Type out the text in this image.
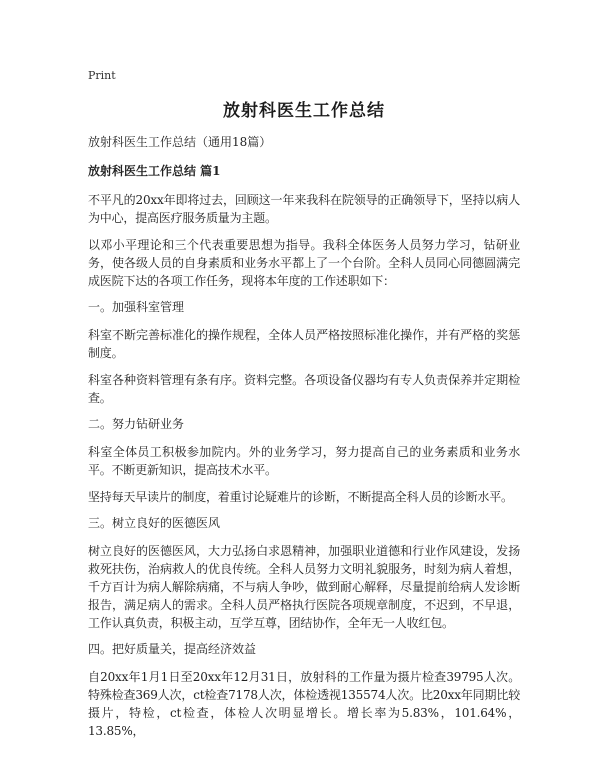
Print
放射科医生工作总结
放射科医生工作总结（通用18篇）
放射科医生工作总结 篇1
不平凡的20xx年即将过去，回顾这一年来我科在院领导的正确领导下，坚持以病人为中心，提高医疗服务质量为主题。
以邓小平理论和三个代表重要思想为指导。我科全体医务人员努力学习，钻研业务，使各级人员的自身素质和业务水平都上了一个台阶。全科人员同心同德圆满完成医院下达的各项工作任务，现将本年度的工作述职如下：
一。加强科室管理
科室不断完善标准化的操作规程，全体人员严格按照标准化操作，并有严格的奖惩制度。
科室各种资料管理有条有序。资料完整。各项设备仪器均有专人负责保养并定期检查。
二。努力钻研业务
科室全体员工积极参加院内。外的业务学习，努力提高自己的业务素质和业务水平。不断更新知识，提高技术水平。
坚持每天早读片的制度，着重讨论疑难片的诊断，不断提高全科人员的诊断水平。
三。树立良好的医德医风
树立良好的医德医风，大力弘扬白求恩精神，加强职业道德和行业作风建设，发扬救死扶伤，治病救人的优良传统。全科人员努力文明礼貌服务，时刻为病人着想，千方百计为病人解除病痛，不与病人争吵，做到耐心解释，尽量提前给病人发诊断报告，满足病人的需求。全科人员严格执行医院各项规章制度，不迟到，不早退，工作认真负责，积极主动，互学互尊，团结协作，全年无一人收红包。
四。把好质量关，提高经济效益
自20xx年1月1日至20xx年12月31日，放射科的工作量为摄片检查39795人次。特殊检查369人次，ct检查7178人次，体检透视135574人次。比20xx年同期比较摄片，特检，ct检查，体检人次明显增长。增长率为5.83%，101.64%，13.85%，
